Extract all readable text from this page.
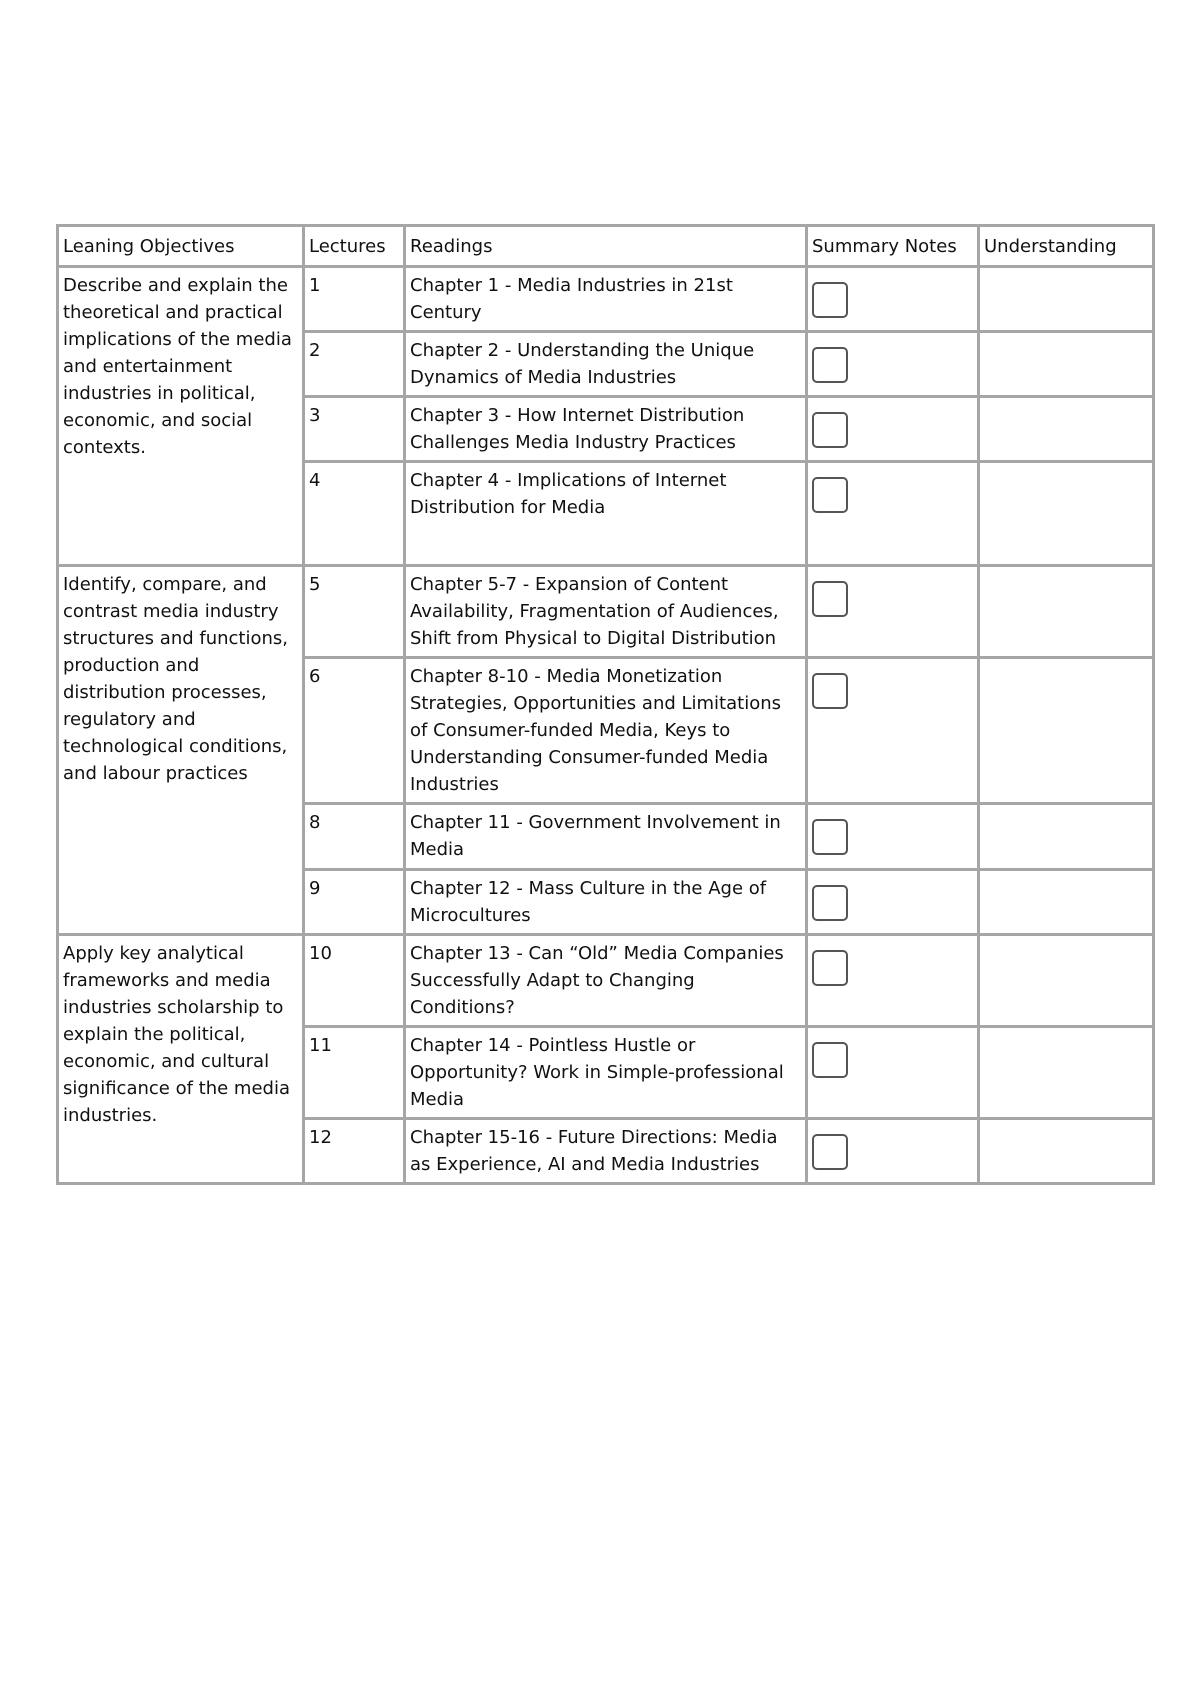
Leaning Objectives	Lectures	Readings	Summary Notes	Understanding
Describe and explain the theoretical and practical implications of the media and entertainment industries in political, economic, and social contexts.	1	Chapter 1 - Media Industries in 21st Century		
	2	Chapter 2 - Understanding the Unique Dynamics of Media Industries		
	3	Chapter 3 - How Internet Distribution Challenges Media Industry Practices		
	4	Chapter 4 - Implications of Internet Distribution for Media		
Identify, compare, and contrast media industry structures and functions, production and distribution processes, regulatory and technological conditions, and labour practices	5	Chapter 5-7 - Expansion of Content Availability, Fragmentation of Audiences, Shift from Physical to Digital Distribution		
	6	Chapter 8-10 - Media Monetization Strategies, Opportunities and Limitations of Consumer-funded Media, Keys to Understanding Consumer-funded Media Industries		
	8	Chapter 11 - Government Involvement in Media		
	9	Chapter 12 - Mass Culture in the Age of Microcultures		
Apply key analytical frameworks and media industries scholarship to explain the political, economic, and cultural significance of the media industries.	10	Chapter 13 - Can “Old” Media Companies Successfully Adapt to Changing Conditions?		
	11	Chapter 14 - Pointless Hustle or Opportunity? Work in Simple-professional Media		
	12	Chapter 15-16 - Future Directions: Media as Experience, AI and Media Industries		
